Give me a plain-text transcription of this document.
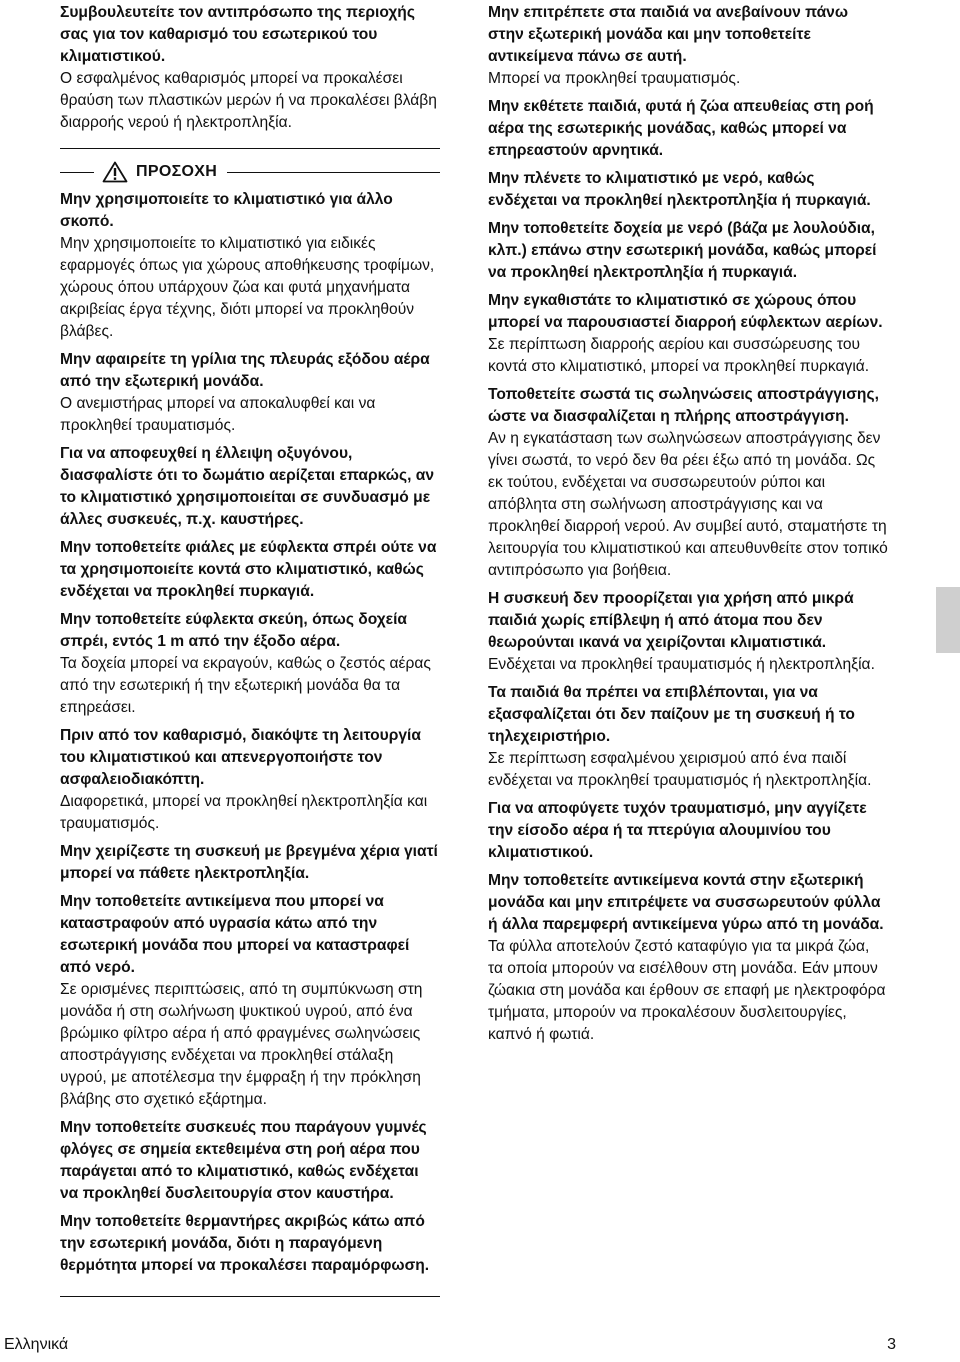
Συμβουλευτείτε τον αντιπρόσωπο της περιοχής σας για τον καθαρισμό του εσωτερικού του κλιματιστικού.
Ο εσφαλμένος καθαρισμός μπορεί να προκαλέσει θραύση των πλαστικών μερών ή να προκαλέσει βλάβη διαρροής νερού ή ηλεκτροπληξία.

ΠΡΟΣΟΧΗ

Μην χρησιμοποιείτε το κλιματιστικό για άλλο σκοπό.
Μην χρησιμοποιείτε το κλιματιστικό για ειδικές εφαρμογές όπως για χώρους αποθήκευσης τροφίμων, χώρους όπου υπάρχουν ζώα και φυτά μηχανήματα ακριβείας έργα τέχνης, διότι μπορεί να προκληθούν βλάβες.

Μην αφαιρείτε τη γρίλια της πλευράς εξόδου αέρα από την εξωτερική μονάδα.
Ο ανεμιστήρας μπορεί να αποκαλυφθεί και να προκληθεί τραυματισμός.

Για να αποφευχθεί η έλλειψη οξυγόνου, διασφαλίστε ότι το δωμάτιο αερίζεται επαρκώς, αν το κλιματιστικό χρησιμοποιείται σε συνδυασμό με άλλες συσκευές, π.χ. καυστήρες.

Μην τοποθετείτε φιάλες με εύφλεκτα σπρέι ούτε να τα χρησιμοποιείτε κοντά στο κλιματιστικό, καθώς ενδέχεται να προκληθεί πυρκαγιά.

Μην τοποθετείτε εύφλεκτα σκεύη, όπως δοχεία σπρέι, εντός 1 m από την έξοδο αέρα.
Τα δοχεία μπορεί να εκραγούν, καθώς ο ζεστός αέρας από την εσωτερική ή την εξωτερική μονάδα θα τα επηρεάσει.

Πριν από τον καθαρισμό, διακόψτε τη λειτουργία του κλιματιστικού και απενεργοποιήστε τον ασφαλειοδιακόπτη.
Διαφορετικά, μπορεί να προκληθεί ηλεκτροπληξία και τραυματισμός.

Μην χειρίζεστε τη συσκευή με βρεγμένα χέρια γιατί μπορεί να πάθετε ηλεκτροπληξία.

Μην τοποθετείτε αντικείμενα που μπορεί να καταστραφούν από υγρασία κάτω από την εσωτερική μονάδα που μπορεί να καταστραφεί από νερό.
Σε ορισμένες περιπτώσεις, από τη συμπύκνωση στη μονάδα ή στη σωλήνωση ψυκτικού υγρού, από ένα βρώμικο φίλτρο αέρα ή από φραγμένες σωληνώσεις αποστράγγισης ενδέχεται να προκληθεί στάλαξη υγρού, με αποτέλεσμα την έμφραξη ή την πρόκληση βλάβης στο σχετικό εξάρτημα.

Μην τοποθετείτε συσκευές που παράγουν γυμνές φλόγες σε σημεία εκτεθειμένα στη ροή αέρα που παράγεται από το κλιματιστικό, καθώς ενδέχεται να προκληθεί δυσλειτουργία στον καυστήρα.

Μην τοποθετείτε θερμαντήρες ακριβώς κάτω από την εσωτερική μονάδα, διότι η παραγόμενη θερμότητα μπορεί να προκαλέσει παραμόρφωση.

Μην επιτρέπετε στα παιδιά να ανεβαίνουν πάνω στην εξωτερική μονάδα και μην τοποθετείτε αντικείμενα πάνω σε αυτή.
Μπορεί να προκληθεί τραυματισμός.

Μην εκθέτετε παιδιά, φυτά ή ζώα απευθείας στη ροή αέρα της εσωτερικής μονάδας, καθώς μπορεί να επηρεαστούν αρνητικά.

Μην πλένετε το κλιματιστικό με νερό, καθώς ενδέχεται να προκληθεί ηλεκτροπληξία ή πυρκαγιά.

Μην τοποθετείτε δοχεία με νερό (βάζα με λουλούδια, κλπ.) επάνω στην εσωτερική μονάδα, καθώς μπορεί να προκληθεί ηλεκτροπληξία ή πυρκαγιά.

Μην εγκαθιστάτε το κλιματιστικό σε χώρους όπου μπορεί να παρουσιαστεί διαρροή εύφλεκτων αερίων.
Σε περίπτωση διαρροής αερίου και συσσώρευσης του κοντά στο κλιματιστικό, μπορεί να προκληθεί πυρκαγιά.

Τοποθετείτε σωστά τις σωληνώσεις αποστράγγισης, ώστε να διασφαλίζεται η πλήρης αποστράγγιση.
Αν η εγκατάσταση των σωληνώσεων αποστράγγισης δεν γίνει σωστά, το νερό δεν θα ρέει έξω από τη μονάδα. Ως εκ τούτου, ενδέχεται να συσσωρευτούν ρύποι και απόβλητα στη σωλήνωση αποστράγγισης και να προκληθεί διαρροή νερού. Αν συμβεί αυτό, σταματήστε τη λειτουργία του κλιματιστικού και απευθυνθείτε στον τοπικό αντιπρόσωπο για βοήθεια.

Η συσκευή δεν προορίζεται για χρήση από μικρά παιδιά χωρίς επίβλεψη ή από άτομα που δεν θεωρούνται ικανά να χειρίζονται κλιματιστικά.
Ενδέχεται να προκληθεί τραυματισμός ή ηλεκτροπληξία.

Τα παιδιά θα πρέπει να επιβλέπονται, για να εξασφαλίζεται ότι δεν παίζουν με τη συσκευή ή το τηλεχειριστήριο.
Σε περίπτωση εσφαλμένου χειρισμού από ένα παιδί ενδέχεται να προκληθεί τραυματισμός ή ηλεκτροπληξία.

Για να αποφύγετε τυχόν τραυματισμό, μην αγγίζετε την είσοδο αέρα ή τα πτερύγια αλουμινίου του κλιματιστικού.

Μην τοποθετείτε αντικείμενα κοντά στην εξωτερική μονάδα και μην επιτρέψετε να συσσωρευτούν φύλλα ή άλλα παρεμφερή αντικείμενα γύρω από τη μονάδα.
Τα φύλλα αποτελούν ζεστό καταφύγιο για τα μικρά ζώα, τα οποία μπορούν να εισέλθουν στη μονάδα. Εάν μπουν ζώακια στη μονάδα και έρθουν σε επαφή με ηλεκτροφόρα τμήματα, μπορούν να προκαλέσουν δυσλειτουργίες, καπνό ή φωτιά.

Ελληνικά	3
